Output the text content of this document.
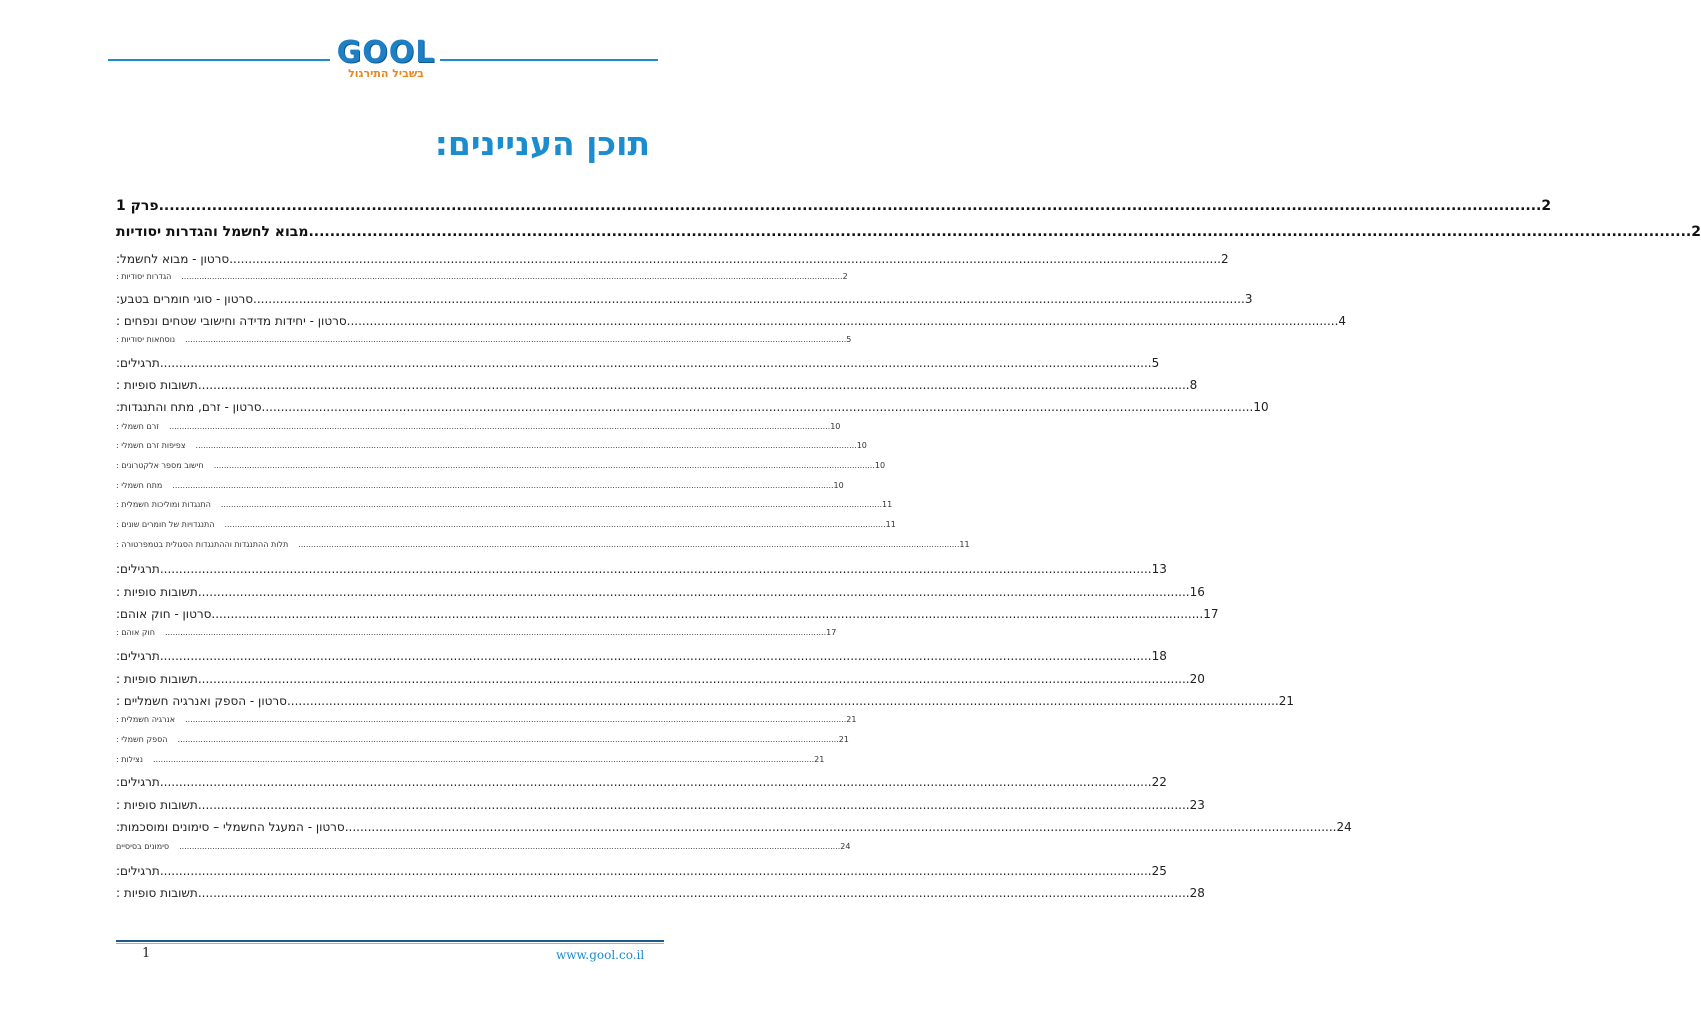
GOOL
בשביל התירגול
תוכן העניינים:
פרק 1 .................................................................................................................................................................................................................................................................... 2
מבוא לחשמל והגדרות יסודיות .................................................................................................................................................................................................................................................................... 2
סרטון - מבוא לחשמל: .................................................................................................................................................................................................................................................................... 2
הגדרות יסודיות :	.................................................................................................................................................................................................................................................................... 2
סרטון - סוגי חומרים בטבע: .................................................................................................................................................................................................................................................................... 3
סרטון - יחידות מדידה וחישובי שטחים ונפחים : .................................................................................................................................................................................................................................................................... 4
נוסחאות יסודיות :	.................................................................................................................................................................................................................................................................... 5
תרגילים: .................................................................................................................................................................................................................................................................... 5
תשובות סופיות : .................................................................................................................................................................................................................................................................... 8
סרטון - זרם, מתח והתנגדות: .................................................................................................................................................................................................................................................................... 10
זרם חשמלי :	.................................................................................................................................................................................................................................................................... 10
צפיפות זרם חשמלי :	.................................................................................................................................................................................................................................................................... 10
חישוב מספר אלקטרונים :	.................................................................................................................................................................................................................................................................... 10
מתח חשמלי :	.................................................................................................................................................................................................................................................................... 10
התנגדות ומוליכות חשמלית :	.................................................................................................................................................................................................................................................................... 11
התנגדויות של חומרים שונים :	.................................................................................................................................................................................................................................................................... 11
תלות ההתנגדות וההתנגדות הסגולית בטמפרטורה :	.................................................................................................................................................................................................................................................................... 11
תרגילים: .................................................................................................................................................................................................................................................................... 13
תשובות סופיות : .................................................................................................................................................................................................................................................................... 16
סרטון - חוק אוהם: .................................................................................................................................................................................................................................................................... 17
חוק אוהם :	.................................................................................................................................................................................................................................................................... 17
תרגילים: .................................................................................................................................................................................................................................................................... 18
תשובות סופיות : .................................................................................................................................................................................................................................................................... 20
סרטון - הספק ואנרגיה חשמליים : .................................................................................................................................................................................................................................................................... 21
אנרגיה חשמלית :	.................................................................................................................................................................................................................................................................... 21
הספק חשמלי :	.................................................................................................................................................................................................................................................................... 21
נצילות :	.................................................................................................................................................................................................................................................................... 21
תרגילים: .................................................................................................................................................................................................................................................................... 22
תשובות סופיות : .................................................................................................................................................................................................................................................................... 23
סרטון - המעגל החשמלי – סימונים ומוסכמות: .................................................................................................................................................................................................................................................................... 24
סימונים בסיסיים	.................................................................................................................................................................................................................................................................... 24
תרגילים: .................................................................................................................................................................................................................................................................... 25
תשובות סופיות : .................................................................................................................................................................................................................................................................... 28
1	www.gool.co.il
